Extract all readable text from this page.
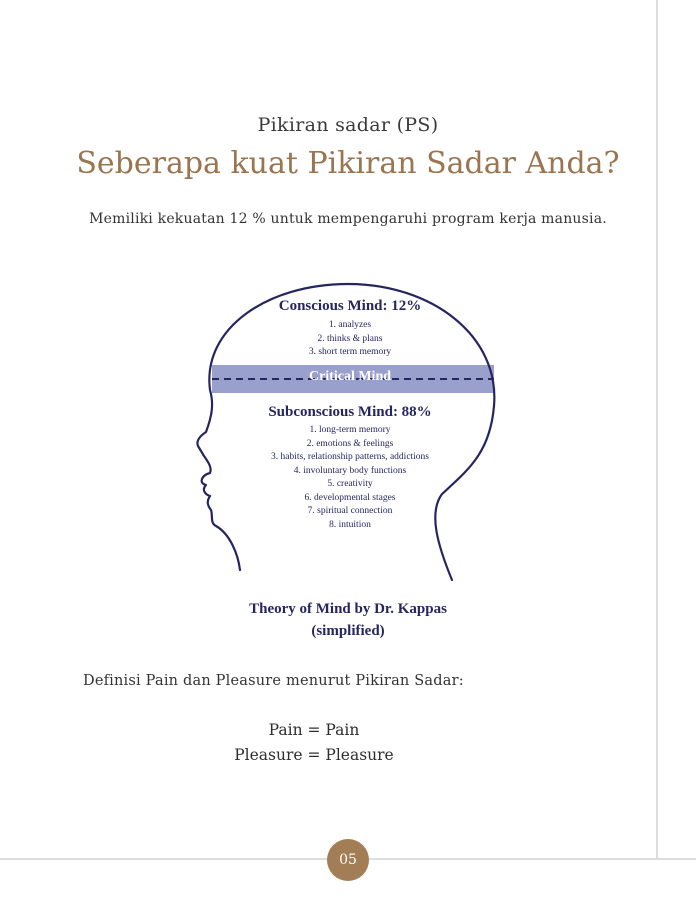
Pikiran sadar (PS)
Seberapa kuat Pikiran Sadar Anda?
Memiliki kekuatan 12 % untuk mempengaruhi program kerja manusia.
Conscious Mind: 12%
1. analyzes
2. thinks & plans
3. short term memory
Critical Mind
Subconscious Mind: 88%
1. long-term memory
2. emotions & feelings
3. habits, relationship patterns, addictions
4. involuntary body functions
5. creativity
6. developmental stages
7. spiritual connection
8. intuition
Theory of Mind by Dr. Kappas
(simplified)
Definisi Pain dan Pleasure menurut Pikiran Sadar:
Pain = Pain
Pleasure = Pleasure
05
